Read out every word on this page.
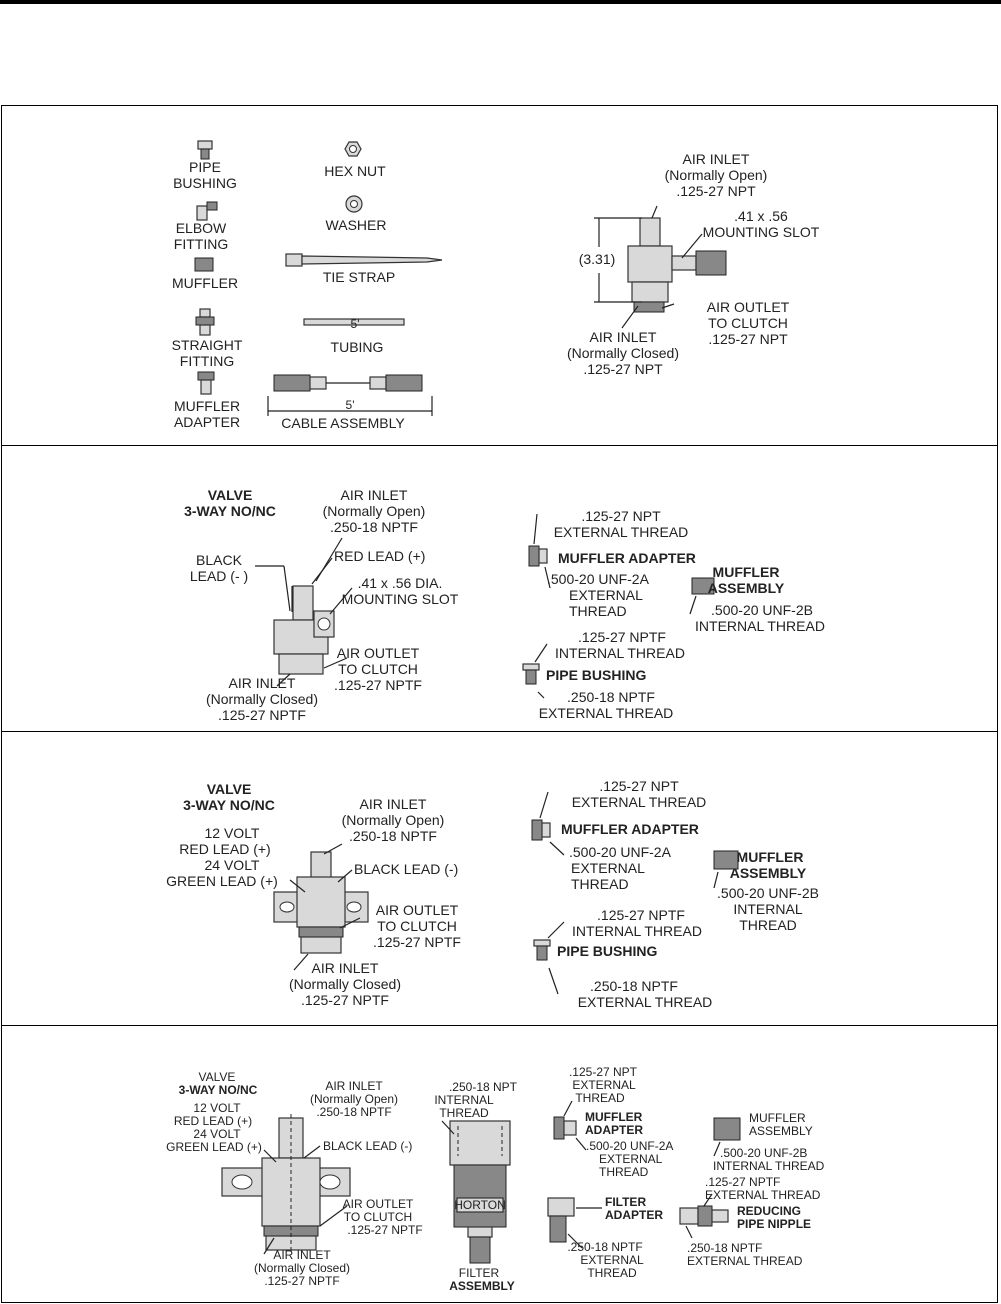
PIPE
BUSHING
ELBOW
FITTING
MUFFLER
STRAIGHT
FITTING
MUFFLER
ADAPTER
HEX NUT
WASHER
TIE STRAP
5'
TUBING
5'
CABLE ASSEMBLY
(3.31)
AIR INLET
(Normally Open)
.125-27 NPT
.41 x .56
MOUNTING SLOT
AIR OUTLET
TO CLUTCH
.125-27 NPT
AIR INLET
(Normally Closed)
.125-27 NPT
VALVE
3-WAY NO/NC
AIR INLET
(Normally Open)
.250-18 NPTF
BLACK
LEAD (- )
RED LEAD (+)
.41 x .56 DIA.
MOUNTING SLOT
AIR OUTLET
TO CLUTCH
.125-27 NPTF
AIR INLET
(Normally Closed)
.125-27 NPTF
.125-27 NPT
EXTERNAL THREAD
MUFFLER ADAPTER
.500-20 UNF-2A
EXTERNAL
THREAD
MUFFLER
ASSEMBLY
.500-20 UNF-2B
INTERNAL THREAD
.125-27 NPTF
INTERNAL THREAD
PIPE BUSHING
.250-18 NPTF
EXTERNAL THREAD
VALVE
3-WAY NO/NC	AIR INLET
(Normally Open)
.250-18 NPTF
12 VOLT
RED LEAD (+)
24 VOLT
GREEN LEAD (+)
BLACK LEAD (-)
AIR OUTLET
TO CLUTCH
.125-27 NPTF
AIR INLET
(Normally Closed)
.125-27 NPTF
.125-27 NPT
EXTERNAL THREAD
MUFFLER ADAPTER
.500-20 UNF-2A
EXTERNAL
THREAD
MUFFLER
ASSEMBLY
.500-20 UNF-2B
INTERNAL
THREAD
.125-27 NPTF
INTERNAL THREAD
PIPE BUSHING
.250-18 NPTF
EXTERNAL THREAD
VALVE
3-WAY NO/NC	AIR INLET
(Normally Open)
.250-18 NPTF
12 VOLT
RED LEAD (+)
24 VOLT
GREEN LEAD (+)	BLACK LEAD (-)
AIR OUTLET
TO CLUTCH
.125-27 NPTF
AIR INLET
(Normally Closed)
.125-27 NPTF
HORTON
.250-18 NPT
INTERNAL
THREAD
FILTER
ASSEMBLY
.125-27 NPT
EXTERNAL
THREAD
MUFFLER
ADAPTER
.500-20 UNF-2A
EXTERNAL
THREAD
FILTER
ADAPTER
.250-18 NPTF
EXTERNAL
THREAD
MUFFLER
ASSEMBLY
.500-20 UNF-2B
INTERNAL THREAD
.125-27 NPTF
EXTERNAL THREAD
REDUCING
PIPE NIPPLE
.250-18 NPTF
EXTERNAL THREAD
